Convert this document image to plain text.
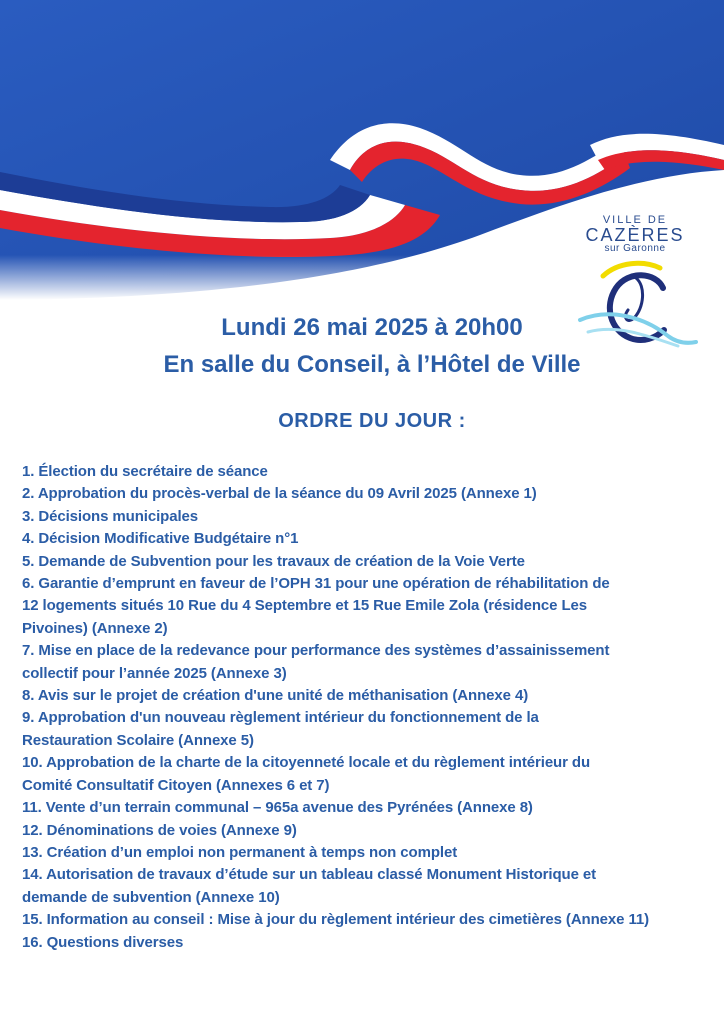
VILLE DE
CAZÈRES
sur Garonne
Lundi 26 mai 2025 à 20h00
En salle du Conseil, à l’Hôtel de Ville
ORDRE DU JOUR :
1. Élection du secrétaire de séance
2. Approbation du procès-verbal de la séance du 09 Avril 2025 (Annexe 1)
3. Décisions municipales
4. Décision Modificative Budgétaire n°1
5. Demande de Subvention pour les travaux de création de la Voie Verte
6. Garantie d’emprunt en faveur de l’OPH 31 pour une opération de réhabilitation de
12 logements situés 10 Rue du 4 Septembre et 15 Rue Emile Zola (résidence Les
Pivoines) (Annexe 2)
7. Mise en place de la redevance pour performance des systèmes d’assainissement
collectif pour l’année 2025 (Annexe 3)
8. Avis sur le projet de création d'une unité de méthanisation (Annexe 4)
9. Approbation d'un nouveau règlement intérieur du fonctionnement de la
Restauration Scolaire (Annexe 5)
10. Approbation de la charte de la citoyenneté locale et du règlement intérieur du
Comité Consultatif Citoyen (Annexes 6 et 7)
11. Vente d’un terrain communal – 965a avenue des Pyrénées (Annexe 8)
12. Dénominations de voies (Annexe 9)
13. Création d’un emploi non permanent à temps non complet
14. Autorisation de travaux d’étude sur un tableau classé Monument Historique et
demande de subvention (Annexe 10)
15. Information au conseil : Mise à jour du règlement intérieur des cimetières (Annexe 11)
16. Questions diverses
